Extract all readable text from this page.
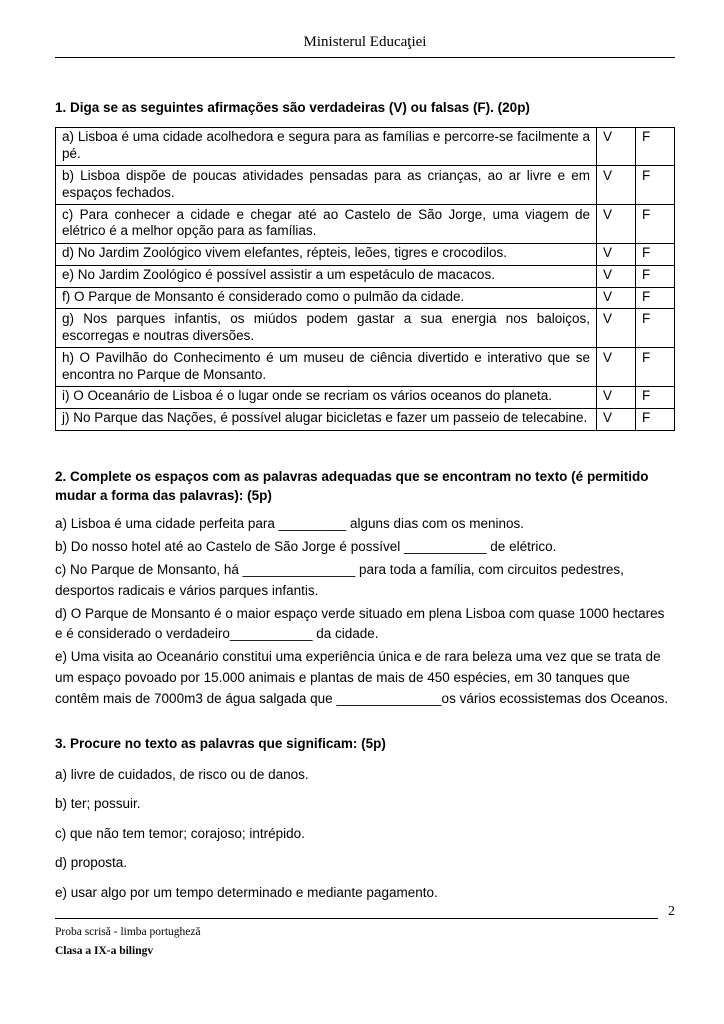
Ministerul Educaţiei
1. Diga se as seguintes afirmações são verdadeiras (V) ou falsas (F). (20p)
a) Lisboa é uma cidade acolhedora e segura para as famílias e percorre-se facilmente a pé.	V	F
b) Lisboa dispõe de poucas atividades pensadas para as crianças, ao ar livre e em espaços fechados.	V	F
c) Para conhecer a cidade e chegar até ao Castelo de São Jorge, uma viagem de elétrico é a melhor opção para as famílias.	V	F
d) No Jardim Zoológico vivem elefantes, répteis, leões, tigres e crocodilos.	V	F
e) No Jardim Zoológico é possível assistir a um espetáculo de macacos.	V	F
f) O Parque de Monsanto é considerado como o pulmão da cidade.	V	F
g) Nos parques infantis, os miúdos podem gastar a sua energia nos baloiços, escorregas e noutras diversões.	V	F
h) O Pavilhão do Conhecimento é um museu de ciência divertido e interativo que se encontra no Parque de Monsanto.	V	F
i) O Oceanário de Lisboa é o lugar onde se recriam os vários oceanos do planeta.	V	F
j) No Parque das Nações, é possível alugar bicicletas e fazer um passeio de telecabine.	V	F
2. Complete os espaços com as palavras adequadas que se encontram no texto (é permitido mudar a forma das palavras): (5p)

a) Lisboa é uma cidade perfeita para _________ alguns dias com os meninos.

b) Do nosso hotel até ao Castelo de São Jorge é possível ___________ de elétrico.

c) No Parque de Monsanto, há _______________ para toda a família, com circuitos pedestres, desportos radicais e vários parques infantis.

d) O Parque de Monsanto é o maior espaço verde situado em plena Lisboa com quase 1000 hectares e é considerado o verdadeiro___________ da cidade.

e) Uma visita ao Oceanário constitui uma experiência única e de rara beleza uma vez que se trata de um espaço povoado por 15.000 animais e plantas de mais de 450 espécies, em 30 tanques que contêm mais de 7000m3 de água salgada que ______________os vários ecossistemas dos Oceanos.

3. Procure no texto as palavras que significam: (5p)

a) livre de cuidados, de risco ou de danos.

b) ter; possuir.

c) que não tem temor; corajoso; intrépido.

d) proposta.

e) usar algo por um tempo determinado e mediante pagamento.

2
Proba scrisă - limba portugheză
Clasa a IX-a bilingv
